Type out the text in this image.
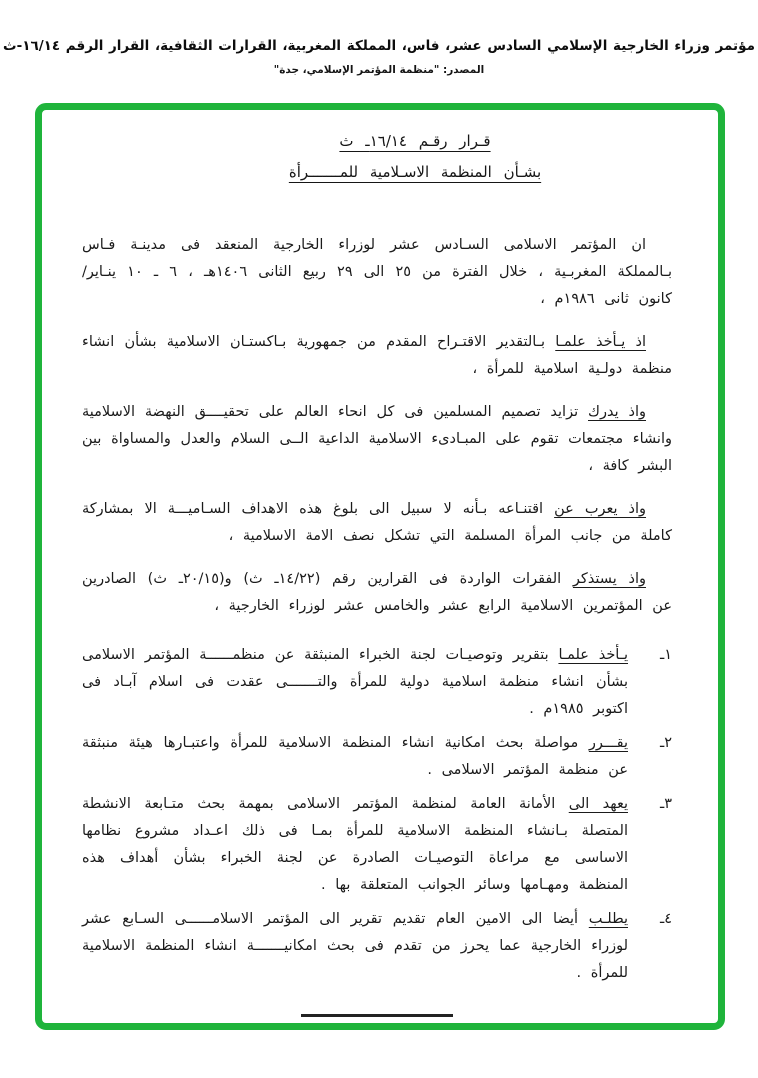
مؤتمر وزراء الخارجية الإسلامي السادس عشر، فاس، المملكة المغربية، القرارات الثقافية، القرار الرقم ١٦/١٤-ث
المصدر: "منظمة المؤتمر الإسلامي، جدة"
قـرار رقـم ١٦/١٤ـ ث
بشـأن المنظمة الاسـلامية للمـــــــرأة

ان المؤتمر الاسلامى السـادس عشر لوزراء الخارجية المنعقد فى مدينـة فـاس بـالمملكة المغربـية ، خلال الفترة من ٢٥ الى ٢٩ ربيع الثانى ١٤٠٦هـ ، ٦ ـ ١٠ ينـاير/ كانون ثانى ١٩٨٦م ،

اذ يـأخذ علمـا بـالتقدير الاقتـراح المقدم من جمهورية بـاكستـان الاسلامية بشأن انشاء منظمة دولـية اسلامية للمرأة ،

واذ يدرك تزايد تصميم المسلمين فى كل انحاء العالم على تحقيــــق النهضة الاسلامية وانشاء مجتمعات تقوم على المبـادىء الاسلامية الداعية الــى السلام والعدل والمساواة بين البشر كافة ،

واذ يعرب عن اقتنـاعه بـأنه لا سبيل الى بلوغ هذه الاهداف السـاميـــة الا بمشاركة كاملة من جانب المرأة المسلمة التي تشكل نصف الامة الاسلامية ،

واذ يستذكر الفقرات الواردة فى القرارين رقم (١٤/٢٢ـ ث) و(٢٠/١٥ـ ث) الصادرين عن المؤتمرين الاسلامية الرابع عشر والخامس عشر لوزراء الخارجية ،

١ـ
يـأخذ علمـا بتقرير وتوصيـات لجنة الخبراء المنبثقة عن منظمــــــة المؤتمر الاسلامى بشأن انشاء منظمة اسلامية دولية للمرأة والتـــــــى عقدت فى اسلام آبـاد فى اكتوبر ١٩٨٥م .
٢ـ
يقـــرر مواصلة بحث امكانية انشاء المنظمة الاسلامية للمرأة واعتبـارها هيئة منبثقة عن منظمة المؤتمر الاسلامى .
٣ـ
يعهد الى الأمانة العامة لمنظمة المؤتمر الاسلامى بمهمة بحث متـابعة الانشطة المتصلة بـانشاء المنظمة الاسلامية للمرأة بمـا فى ذلك اعـداد مشروع نظامها الاساسى مع مراعاة التوصيـات الصادرة عن لجنة الخبراء بشأن أهداف هذه المنظمة ومهـامها وسائر الجوانب المتعلقة بها .
٤ـ
يطلـب أيضا الى الامين العام تقديم تقرير الى المؤتمر الاسلامــــــى السـابع عشر لوزراء الخارجية عما يحرز من تقدم فى بحث امكانيـــــــة انشاء المنظمة الاسلامية للمرأة .
